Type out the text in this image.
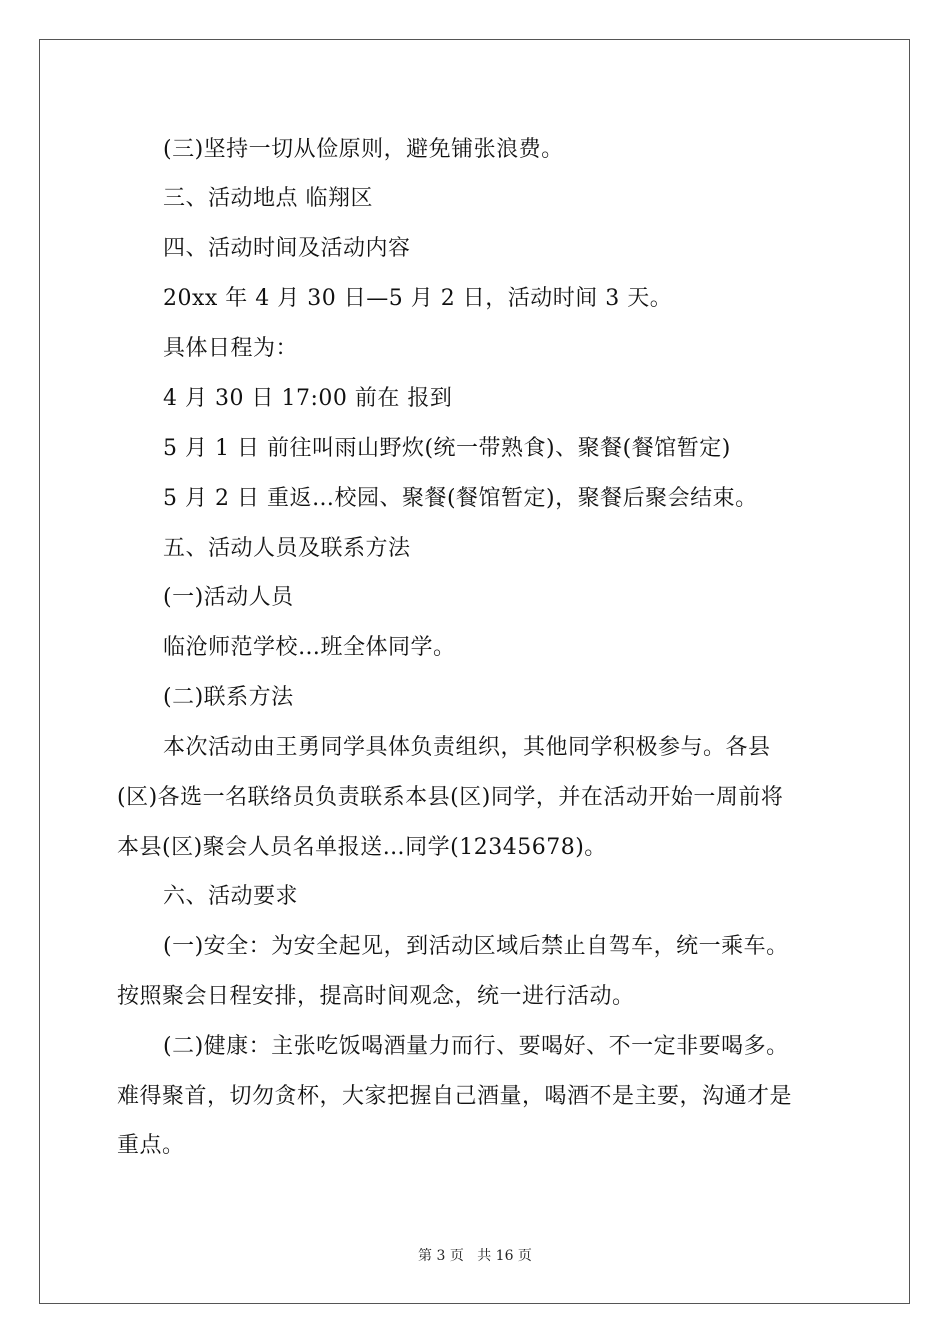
(三)坚持一切从俭原则，避免铺张浪费。
三、活动地点 临翔区
四、活动时间及活动内容
20xx 年 4 月 30 日—5 月 2 日，活动时间 3 天。
具体日程为：
4 月 30 日 17:00 前在 报到
5 月 1 日 前往叫雨山野炊(统一带熟食)、聚餐(餐馆暂定)
5 月 2 日 重返…校园、聚餐(餐馆暂定)，聚餐后聚会结束。
五、活动人员及联系方法
(一)活动人员
临沧师范学校…班全体同学。
(二)联系方法
本次活动由王勇同学具体负责组织，其他同学积极参与。各县
(区)各选一名联络员负责联系本县(区)同学，并在活动开始一周前将
本县(区)聚会人员名单报送…同学(12345678)。
六、活动要求
(一)安全：为安全起见，到活动区域后禁止自驾车，统一乘车。
按照聚会日程安排，提高时间观念，统一进行活动。
(二)健康：主张吃饭喝酒量力而行、要喝好、不一定非要喝多。
难得聚首，切勿贪杯，大家把握自己酒量，喝酒不是主要，沟通才是
重点。
第 3 页 共 16 页
